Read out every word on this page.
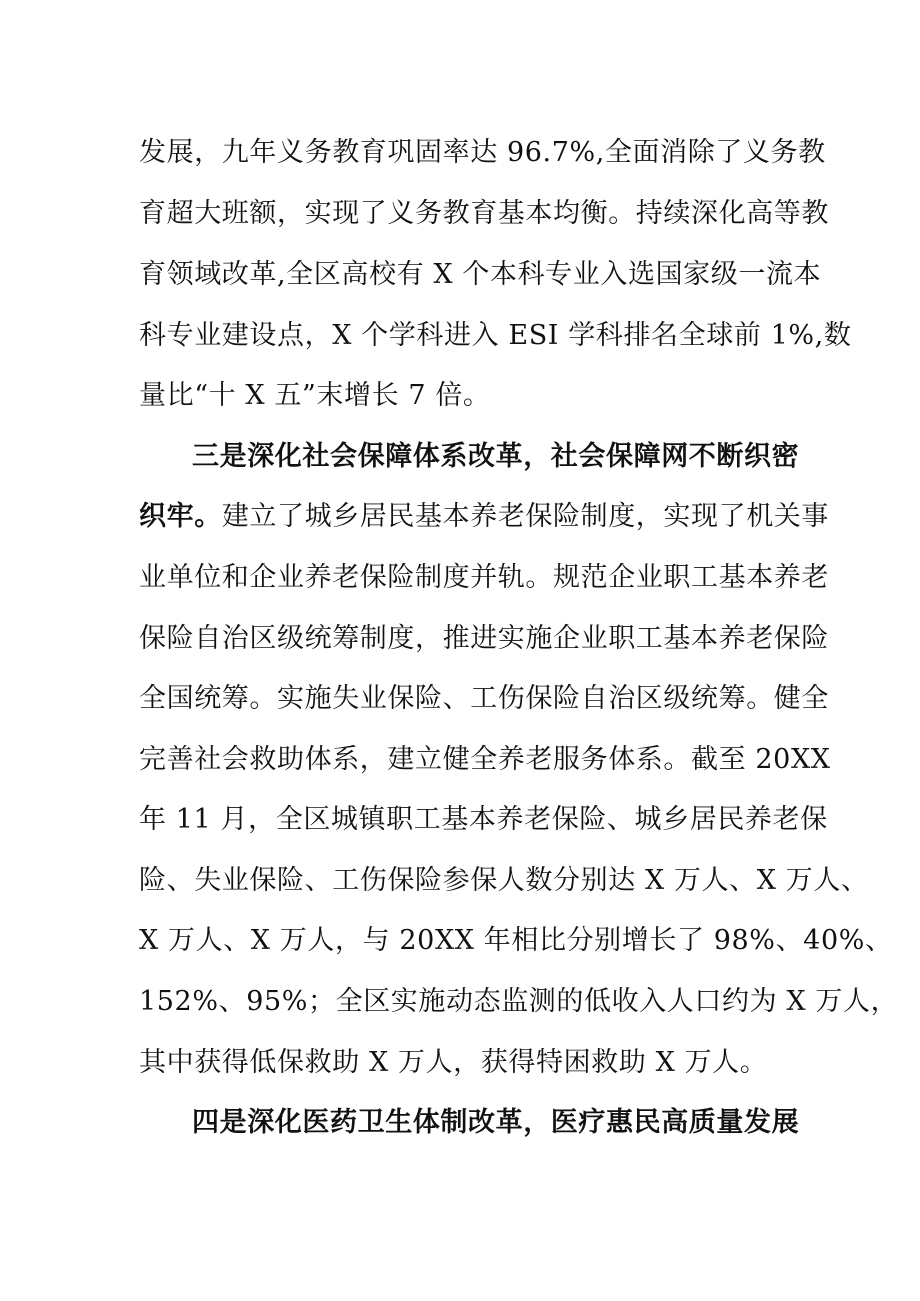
发展，九年义务教育巩固率达 96.7%,全面消除了义务教
育超大班额，实现了义务教育基本均衡。持续深化高等教
育领域改革,全区高校有 X 个本科专业入选国家级一流本
科专业建设点，X 个学科进入 ESI 学科排名全球前 1%,数
量比“十 X 五”末增长 7 倍。
三是深化社会保障体系改革，社会保障网不断织密
织牢。建立了城乡居民基本养老保险制度，实现了机关事
业单位和企业养老保险制度并轨。规范企业职工基本养老
保险自治区级统筹制度，推进实施企业职工基本养老保险
全国统筹。实施失业保险、工伤保险自治区级统筹。健全
完善社会救助体系，建立健全养老服务体系。截至 20XX
年 11 月，全区城镇职工基本养老保险、城乡居民养老保
险、失业保险、工伤保险参保人数分别达 X 万人、X 万人、
X 万人、X 万人，与 20XX 年相比分别增长了 98%、40%、
152%、95%；全区实施动态监测的低收入人口约为 X 万人，
其中获得低保救助 X 万人，获得特困救助 X 万人。
四是深化医药卫生体制改革，医疗惠民高质量发展
